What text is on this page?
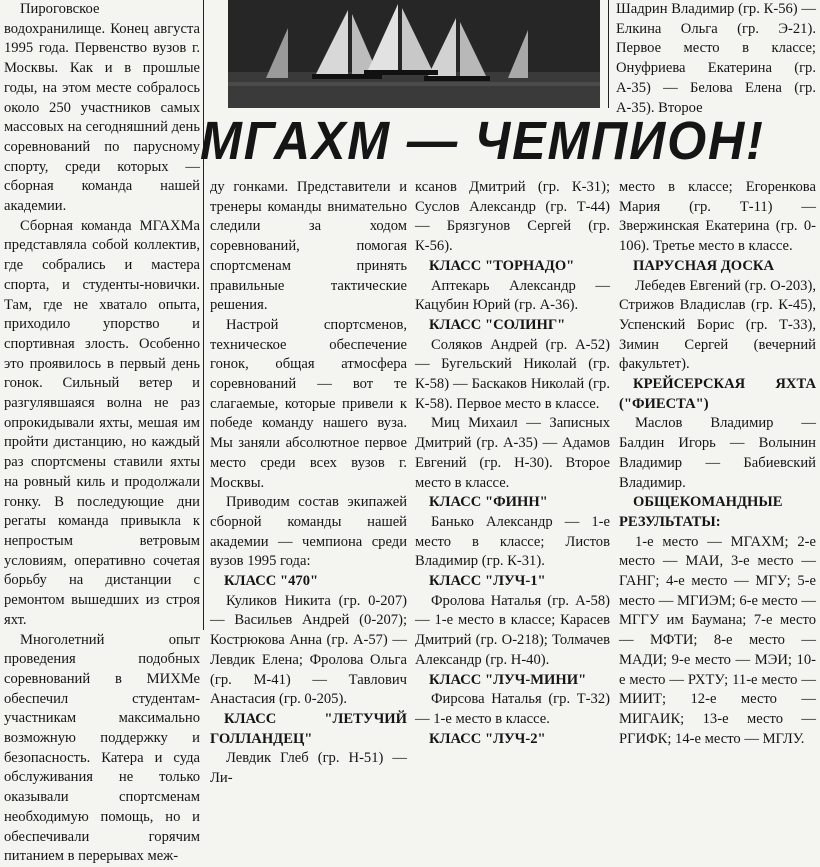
Пироговское водохранилище. Конец августа 1995 года. Первенство вузов г. Москвы. Как и в прошлые годы, на этом месте собралось около 250 участников самых массовых на сегодняшний день соревнований по парусному спорту, среди которых — сборная команда нашей академии.

Сборная команда МГАХМа представляла собой коллектив, где собрались и мастера спорта, и студенты-новички. Там, где не хватало опыта, приходило упорство и спортивная злость. Особенно это проявилось в первый день гонок. Сильный ветер и разгулявшаяся волна не раз опрокидывали яхты, мешая им пройти дистанцию, но каждый раз спортсмены ставили яхты на ровный киль и продолжали гонку. В последующие дни регаты команда привыкла к непростым ветровым условиям, оперативно сочетая борьбу на дистанции с ремонтом вышедших из строя яхт.

Многолетний опыт проведения подобных соревнований в МИХМе обеспечил студентам-участникам максимально возможную поддержку и безопасность. Катера и суда обслуживания не только оказывали спортсменам необходимую помощь, но и обеспечивали горячим питанием в перерывах меж-

МГАХМ — ЧЕМПИОН!

ду гонками. Представители и тренеры команды внимательно следили за ходом соревнований, помогая спортсменам принять правильные тактические решения.

Настрой спортсменов, техническое обеспечение гонок, общая атмосфера соревнований — вот те слагаемые, которые привели к победе команду нашего вуза. Мы заняли абсолютное первое место среди всех вузов г. Москвы.

Приводим состав экипажей сборной команды нашей академии — чемпиона среди вузов 1995 года:

КЛАСС "470"

Куликов Никита (гр. 0-207) — Васильев Андрей (0-207); Кострюкова Анна (гр. А-57) — Левдик Елена; Фролова Ольга (гр. М-41) — Тавлович Анастасия (гр. 0-205).

КЛАСС "ЛЕТУЧИЙ ГОЛЛАНДЕЦ"

Левдик Глеб (гр. Н-51) — Ли-

ксанов Дмитрий (гр. К-31); Суслов Александр (гр. Т-44) — Брязгунов Сергей (гр. К-56).

КЛАСС "ТОРНАДО"

Аптекарь Александр — Кацубин Юрий (гр. А-36).

КЛАСС "СОЛИНГ"

Соляков Андрей (гр. А-52) — Бугельский Николай (гр. К-58) — Баскаков Николай (гр. К-58). Первое место в классе.

Миц Михаил — Записных Дмитрий (гр. А-35) — Адамов Евгений (гр. Н-30). Второе место в классе.

КЛАСС "ФИНН"

Банько Александр — 1-е место в классе; Листов Владимир (гр. К-31).

КЛАСС "ЛУЧ-1"

Фролова Наталья (гр. А-58) — 1-е место в классе; Карасев Дмитрий (гр. О-218); Толмачев Александр (гр. Н-40).

КЛАСС "ЛУЧ-МИНИ"

Фирсова Наталья (гр. Т-32) — 1-е место в классе.

КЛАСС "ЛУЧ-2"

Шадрин Владимир (гр. К-56) — Елкина Ольга (гр. Э-21). Первое место в классе; Онуфриева Екатерина (гр. А-35) — Белова Елена (гр. А-35). Второе

место в классе; Егоренкова Мария (гр. Т-11) — Звержинская Екатерина (гр. 0-106). Третье место в классе.

ПАРУСНАЯ ДОСКА

Лебедев Евгений (гр. О-203), Стрижов Владислав (гр. К-45), Успенский Борис (гр. Т-33), Зимин Сергей (вечерний факультет).

КРЕЙСЕРСКАЯ ЯХТА ("ФИЕСТА")

Маслов Владимир — Балдин Игорь — Волынин Владимир — Бабиевский Владимир.

ОБЩЕКОМАНДНЫЕ РЕЗУЛЬТАТЫ:

1-е место — МГАХМ; 2-е место — МАИ, 3-е место — ГАНГ; 4-е место — МГУ; 5-е место — МГИЭМ; 6-е место — МГГУ им Баумана; 7-е место — МФТИ; 8-е место — МАДИ; 9-е место — МЭИ; 10-е место — РХТУ; 11-е место — МИИТ; 12-е место — МИГАИК; 13-е место — РГИФК; 14-е место — МГЛУ.
